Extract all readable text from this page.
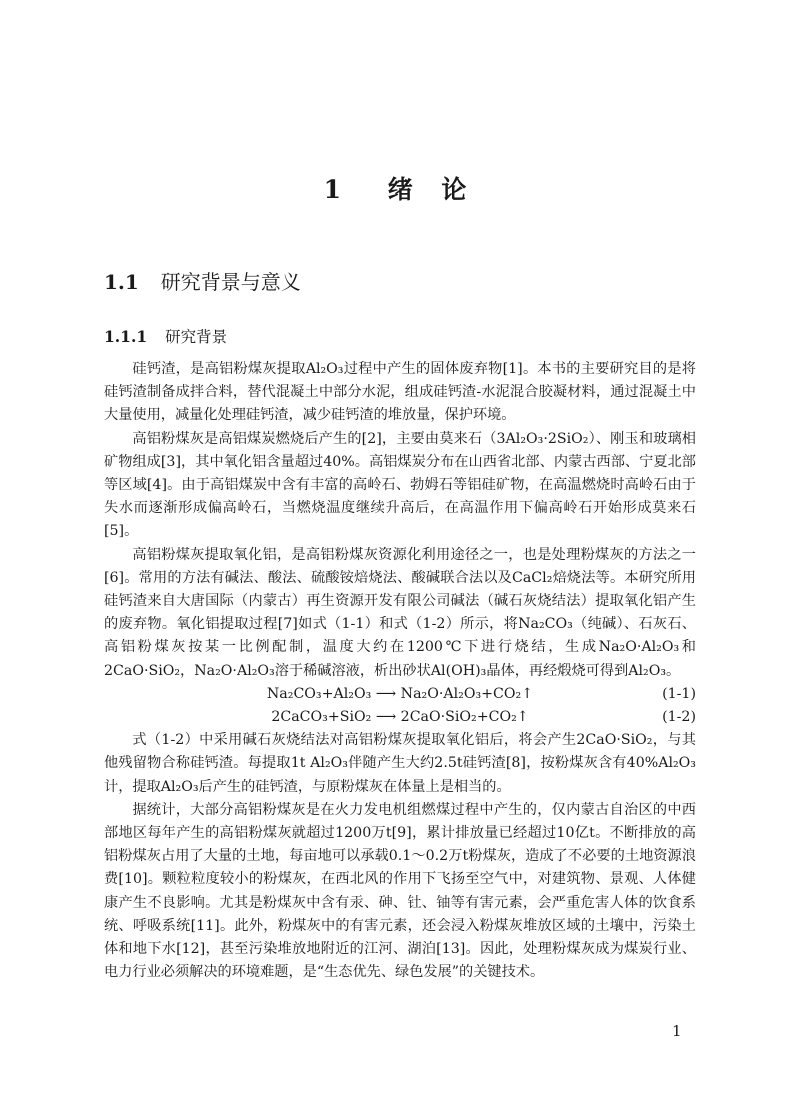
1 绪 论
1.1 研究背景与意义
1.1.1 研究背景

硅钙渣，是高铝粉煤灰提取Al₂O₃过程中产生的固体废弃物[1]。本书的主要研究目的是将硅钙渣制备成拌合料，替代混凝土中部分水泥，组成硅钙渣-水泥混合胶凝材料，通过混凝土中大量使用，减量化处理硅钙渣，减少硅钙渣的堆放量，保护环境。

高铝粉煤灰是高铝煤炭燃烧后产生的[2]，主要由莫来石（3Al₂O₃·2SiO₂）、刚玉和玻璃相矿物组成[3]，其中氧化铝含量超过40%。高铝煤炭分布在山西省北部、内蒙古西部、宁夏北部等区域[4]。由于高铝煤炭中含有丰富的高岭石、勃姆石等铝硅矿物，在高温燃烧时高岭石由于失水而逐渐形成偏高岭石，当燃烧温度继续升高后，在高温作用下偏高岭石开始形成莫来石[5]。

高铝粉煤灰提取氧化铝，是高铝粉煤灰资源化利用途径之一，也是处理粉煤灰的方法之一[6]。常用的方法有碱法、酸法、硫酸铵焙烧法、酸碱联合法以及CaCl₂焙烧法等。本研究所用硅钙渣来自大唐国际（内蒙古）再生资源开发有限公司碱法（碱石灰烧结法）提取氧化铝产生的废弃物。氧化铝提取过程[7]如式（1-1）和式（1-2）所示，将Na₂CO₃（纯碱）、石灰石、高铝粉煤灰按某一比例配制，温度大约在1200℃下进行烧结，生成Na₂O·Al₂O₃和2CaO·SiO₂，Na₂O·Al₂O₃溶于稀碱溶液，析出砂状Al(OH)₃晶体，再经煅烧可得到Al₂O₃。

Na₂CO₃+Al₂O₃ ⟶ Na₂O·Al₂O₃+CO₂↑	(1-1)
2CaCO₃+SiO₂ ⟶ 2CaO·SiO₂+CO₂↑	(1-2)

式（1-2）中采用碱石灰烧结法对高铝粉煤灰提取氧化铝后，将会产生2CaO·SiO₂，与其他残留物合称硅钙渣。每提取1t Al₂O₃伴随产生大约2.5t硅钙渣[8]，按粉煤灰含有40%Al₂O₃计，提取Al₂O₃后产生的硅钙渣，与原粉煤灰在体量上是相当的。

据统计，大部分高铝粉煤灰是在火力发电机组燃煤过程中产生的，仅内蒙古自治区的中西部地区每年产生的高铝粉煤灰就超过1200万t[9]，累计排放量已经超过10亿t。不断排放的高铝粉煤灰占用了大量的土地，每亩地可以承载0.1～0.2万t粉煤灰，造成了不必要的土地资源浪费[10]。颗粒粒度较小的粉煤灰，在西北风的作用下飞扬至空气中，对建筑物、景观、人体健康产生不良影响。尤其是粉煤灰中含有汞、砷、钍、铀等有害元素，会严重危害人体的饮食系统、呼吸系统[11]。此外，粉煤灰中的有害元素，还会浸入粉煤灰堆放区域的土壤中，污染土体和地下水[12]，甚至污染堆放地附近的江河、湖泊[13]。因此，处理粉煤灰成为煤炭行业、电力行业必须解决的环境难题，是“生态优先、绿色发展”的关键技术。

1
